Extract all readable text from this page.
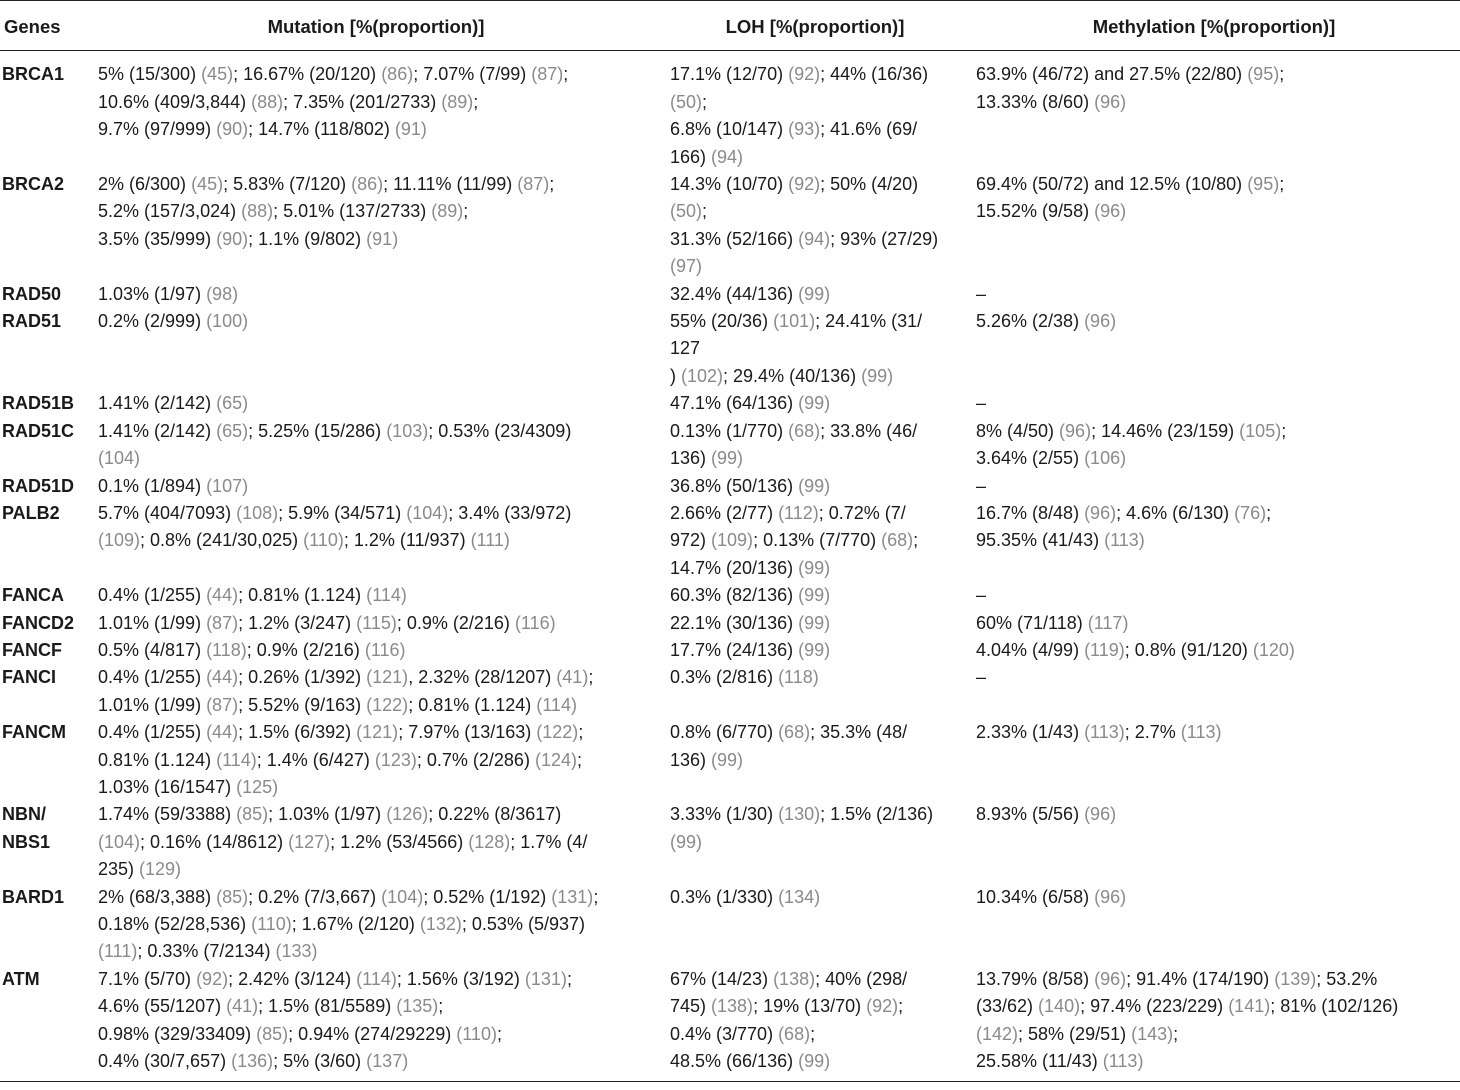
Genes	Mutation [%(proportion)]	LOH [%(proportion)]	Methylation [%(proportion)]

BRCA1	5% (15/300) (45); 16.67% (20/120) (86); 7.07% (7/99) (87);
10.6% (409/3,844) (88); 7.35% (201/2733) (89);
9.7% (97/999) (90); 14.7% (118/802) (91)	17.1% (12/70) (92); 44% (16/36)
(50);
6.8% (10/147) (93); 41.6% (69/
166) (94)	63.9% (46/72) and 27.5% (22/80) (95);
13.33% (8/60) (96)

BRCA2	2% (6/300) (45); 5.83% (7/120) (86); 11.11% (11/99) (87);
5.2% (157/3,024) (88); 5.01% (137/2733) (89);
3.5% (35/999) (90); 1.1% (9/802) (91)	14.3% (10/70) (92); 50% (4/20)
(50);
31.3% (52/166) (94); 93% (27/29)
(97)	69.4% (50/72) and 12.5% (10/80) (95);
15.52% (9/58) (96)

RAD50	1.03% (1/97) (98)	32.4% (44/136) (99)	–

RAD51	0.2% (2/999) (100)	55% (20/36) (101); 24.41% (31/
127
) (102); 29.4% (40/136) (99)	5.26% (2/38) (96)

RAD51B	1.41% (2/142) (65)	47.1% (64/136) (99)	–

RAD51C	1.41% (2/142) (65); 5.25% (15/286) (103); 0.53% (23/4309)
(104)	0.13% (1/770) (68); 33.8% (46/
136) (99)	8% (4/50) (96); 14.46% (23/159) (105);
3.64% (2/55) (106)

RAD51D	0.1% (1/894) (107)	36.8% (50/136) (99)	–

PALB2	5.7% (404/7093) (108); 5.9% (34/571) (104); 3.4% (33/972)
(109); 0.8% (241/30,025) (110); 1.2% (11/937) (111)	2.66% (2/77) (112); 0.72% (7/
972) (109); 0.13% (7/770) (68);
14.7% (20/136) (99)	16.7% (8/48) (96); 4.6% (6/130) (76);
95.35% (41/43) (113)

FANCA	0.4% (1/255) (44); 0.81% (1.124) (114)	60.3% (82/136) (99)	–

FANCD2	1.01% (1/99) (87); 1.2% (3/247) (115); 0.9% (2/216) (116)	22.1% (30/136) (99)	60% (71/118) (117)

FANCF	0.5% (4/817) (118); 0.9% (2/216) (116)	17.7% (24/136) (99)	4.04% (4/99) (119); 0.8% (91/120) (120)

FANCI	0.4% (1/255) (44); 0.26% (1/392) (121), 2.32% (28/1207) (41);
1.01% (1/99) (87); 5.52% (9/163) (122); 0.81% (1.124) (114)	0.3% (2/816) (118)	–

FANCM	0.4% (1/255) (44); 1.5% (6/392) (121); 7.97% (13/163) (122);
0.81% (1.124) (114); 1.4% (6/427) (123); 0.7% (2/286) (124);
1.03% (16/1547) (125)	0.8% (6/770) (68); 35.3% (48/
136) (99)	2.33% (1/43) (113); 2.7% (113)

NBN/
NBS1	1.74% (59/3388) (85); 1.03% (1/97) (126); 0.22% (8/3617)
(104); 0.16% (14/8612) (127); 1.2% (53/4566) (128); 1.7% (4/
235) (129)	3.33% (1/30) (130); 1.5% (2/136)
(99)	8.93% (5/56) (96)

BARD1	2% (68/3,388) (85); 0.2% (7/3,667) (104); 0.52% (1/192) (131);
0.18% (52/28,536) (110); 1.67% (2/120) (132); 0.53% (5/937)
(111); 0.33% (7/2134) (133)	0.3% (1/330) (134)	10.34% (6/58) (96)

ATM	7.1% (5/70) (92); 2.42% (3/124) (114); 1.56% (3/192) (131);
4.6% (55/1207) (41); 1.5% (81/5589) (135);
0.98% (329/33409) (85); 0.94% (274/29229) (110);
0.4% (30/7,657) (136); 5% (3/60) (137)	67% (14/23) (138); 40% (298/
745) (138); 19% (13/70) (92);
0.4% (3/770) (68);
48.5% (66/136) (99)	13.79% (8/58) (96); 91.4% (174/190) (139); 53.2%
(33/62) (140); 97.4% (223/229) (141); 81% (102/126)
(142); 58% (29/51) (143);
25.58% (11/43) (113)
